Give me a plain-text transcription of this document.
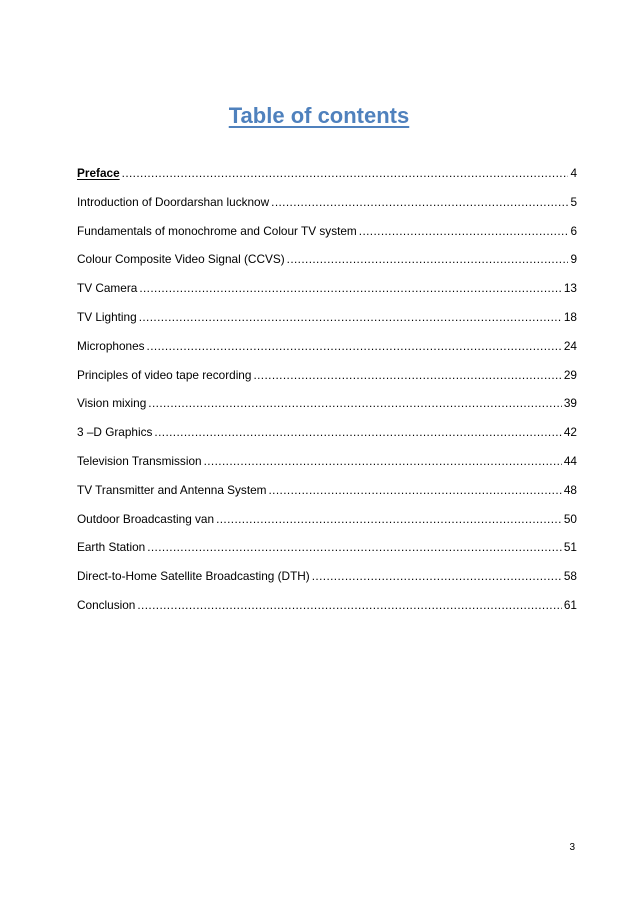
Table of contents
Preface .....	4
Introduction of Doordarshan lucknow .....	5
Fundamentals of monochrome and Colour TV system .....	6
Colour Composite Video Signal (CCVS) .....	9
TV Camera .....	13
TV Lighting .....	18
Microphones .....	24
Principles of video tape recording .....	29
Vision mixing .....	39
3 –D Graphics .....	42
Television Transmission .....	44
TV Transmitter and Antenna System .....	48
Outdoor Broadcasting van .....	50
Earth Station .....	51
Direct-to-Home Satellite Broadcasting (DTH) .....	58
Conclusion .....	61

3
